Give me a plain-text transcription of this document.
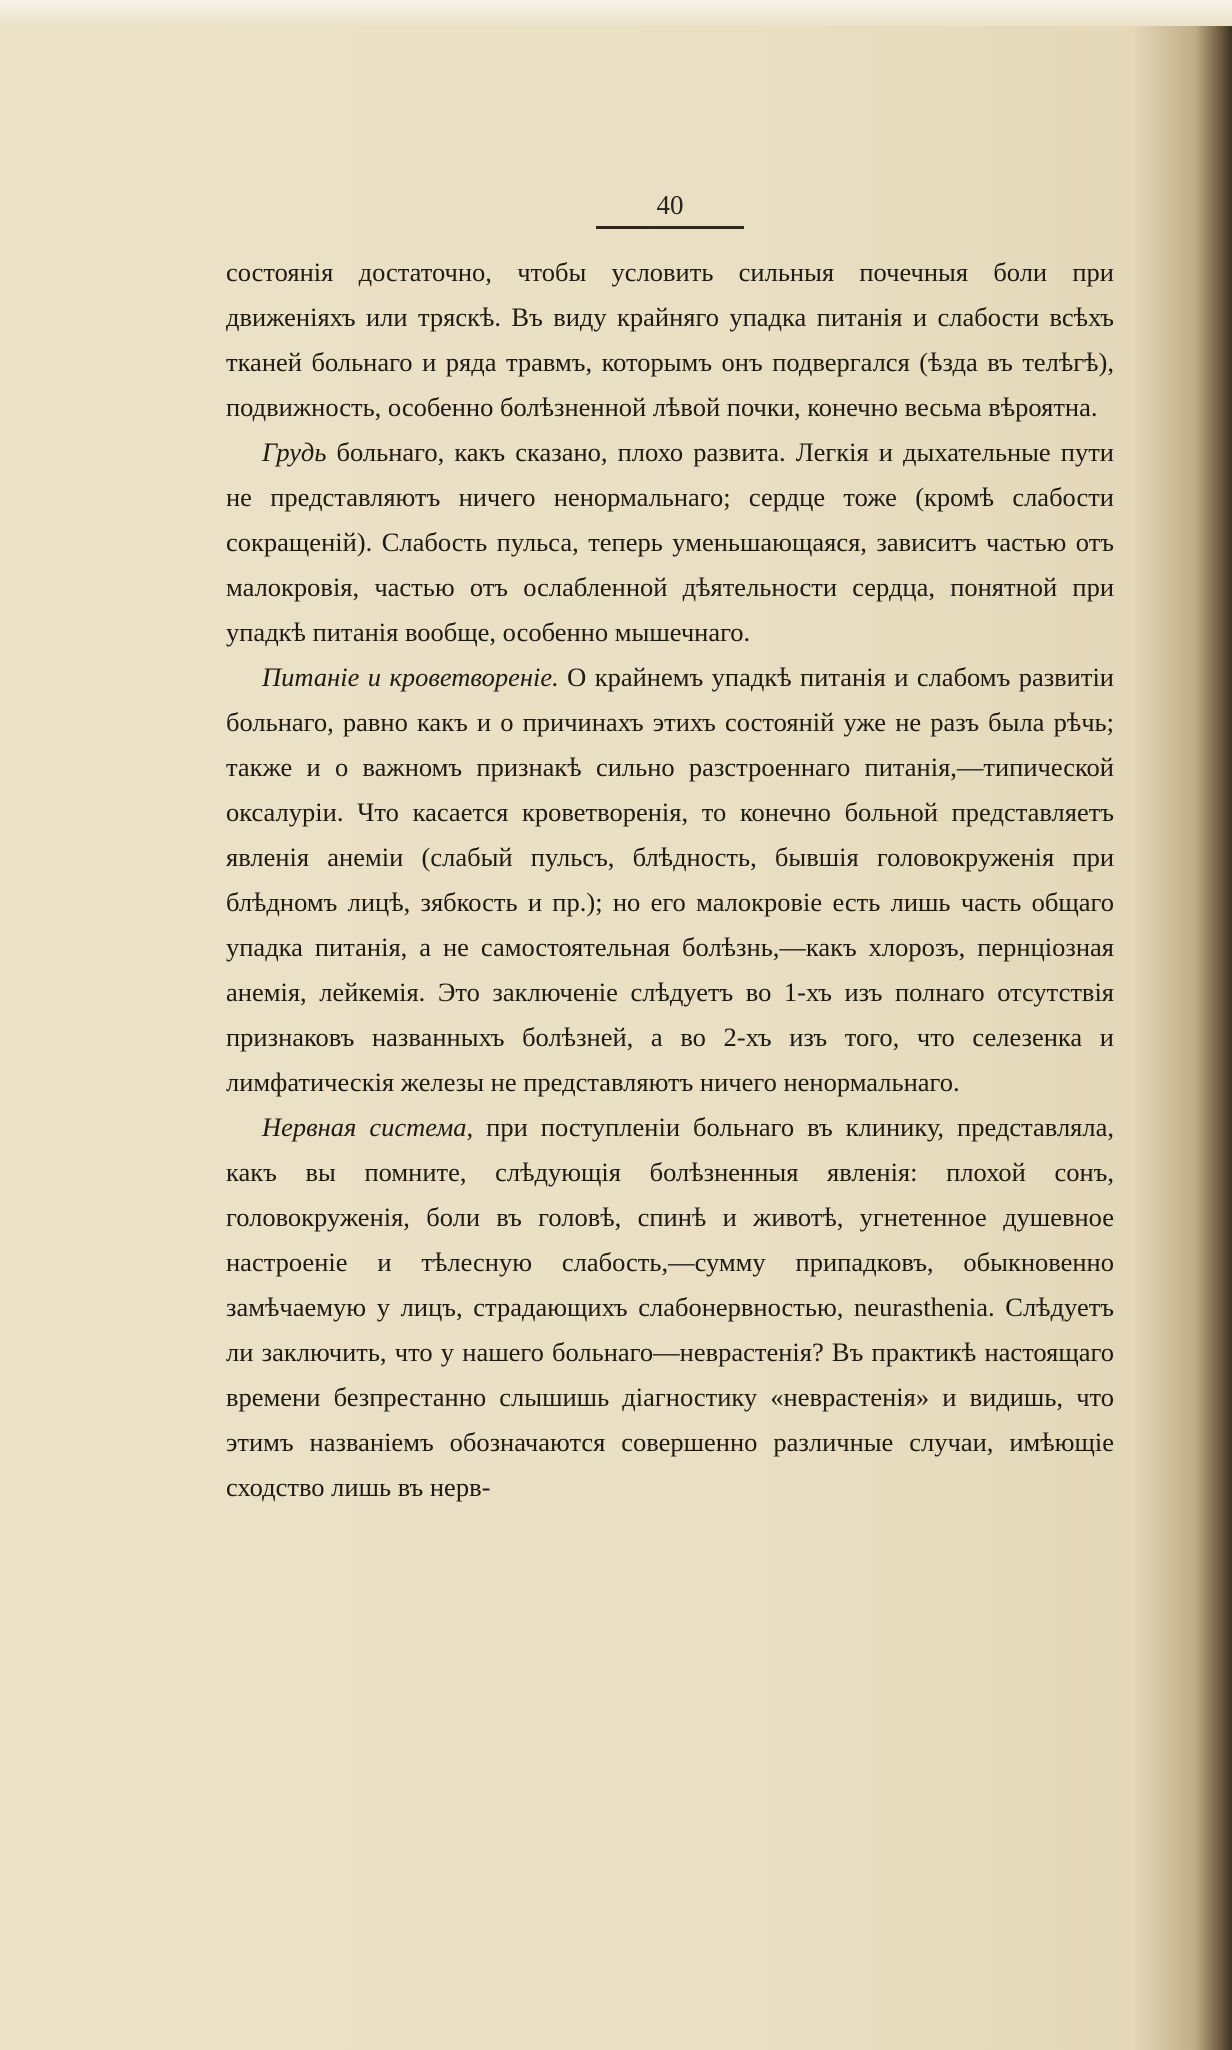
40

состоянія достаточно, чтобы условить сильныя почечныя боли при движеніяхъ или тряскѣ. Въ виду крайняго упадка питанія и слабости всѣхъ тканей больнаго и ряда травмъ, которымъ онъ подвергался (ѣзда въ телѣгѣ), подвижность, особенно болѣзненной лѣвой почки, конечно весьма вѣроятна.

Грудь больнаго, какъ сказано, плохо развита. Легкія и дыхательные пути не представляютъ ничего ненормальнаго; сердце тоже (кромѣ слабости сокращеній). Слабость пульса, теперь уменьшающаяся, зависитъ частью отъ малокровія, частью отъ ослабленной дѣятельности сердца, понятной при упадкѣ питанія вообще, особенно мышечнаго.

Питаніе и кроветвореніе. О крайнемъ упадкѣ питанія и слабомъ развитіи больнаго, равно какъ и о причинахъ этихъ состояній уже не разъ была рѣчь; также и о важномъ признакѣ сильно разстроеннаго питанія,—типической оксалуріи. Что касается кроветворенія, то конечно больной представляетъ явленія анеміи (слабый пульсъ, блѣдность, бывшія головокруженія при блѣдномъ лицѣ, зябкость и пр.); но его малокровіе есть лишь часть общаго упадка питанія, а не самостоятельная болѣзнь,—какъ хлорозъ, пернціозная анемія, лейкемія. Это заключеніе слѣдуетъ во 1-хъ изъ полнаго отсутствія признаковъ названныхъ болѣзней, а во 2-хъ изъ того, что селезенка и лимфатическія железы не представляютъ ничего ненормальнаго.

Нервная система, при поступленіи больнаго въ клинику, представляла, какъ вы помните, слѣдующія болѣзненныя явленія: плохой сонъ, головокруженія, боли въ головѣ, спинѣ и животѣ, угнетенное душевное настроеніе и тѣлесную слабость,—сумму припадковъ, обыкновенно замѣчаемую у лицъ, страдающихъ слабонервностью, neurasthenia. Слѣдуетъ ли заключить, что у нашего больнаго—неврастенія? Въ практикѣ настоящаго времени безпрестанно слышишь діагностику «неврастенія» и видишь, что этимъ названіемъ обозначаются совершенно различные случаи, имѣющіе сходство лишь въ нерв-
